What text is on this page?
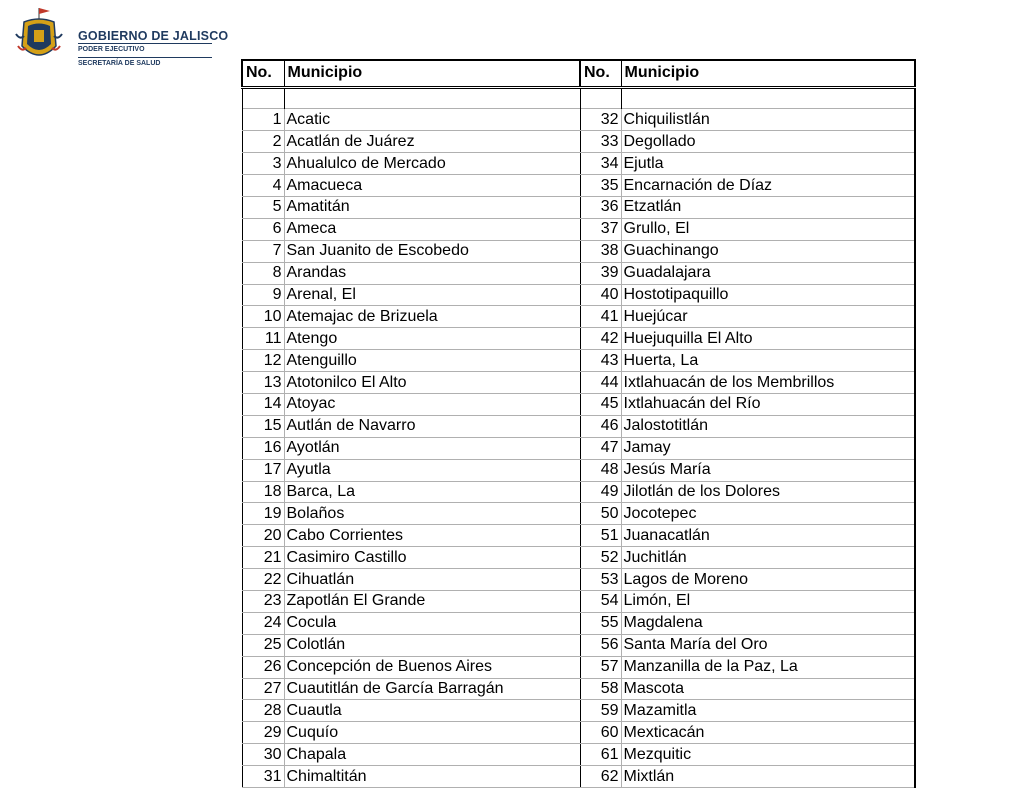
GOBIERNO DE JALISCO
PODER EJECUTIVO
SECRETARÍA DE SALUD
No.	Municipio	No.	Municipio

1	Acatic	32	Chiquilistlán
2	Acatlán de Juárez	33	Degollado
3	Ahualulco de Mercado	34	Ejutla
4	Amacueca	35	Encarnación de Díaz
5	Amatitán	36	Etzatlán
6	Ameca	37	Grullo, El
7	San Juanito de Escobedo	38	Guachinango
8	Arandas	39	Guadalajara
9	Arenal, El	40	Hostotipaquillo
10	Atemajac de Brizuela	41	Huejúcar
11	Atengo	42	Huejuquilla El Alto
12	Atenguillo	43	Huerta, La
13	Atotonilco El Alto	44	Ixtlahuacán de los Membrillos
14	Atoyac	45	Ixtlahuacán del Río
15	Autlán de Navarro	46	Jalostotitlán
16	Ayotlán	47	Jamay
17	Ayutla	48	Jesús María
18	Barca, La	49	Jilotlán de los Dolores
19	Bolaños	50	Jocotepec
20	Cabo Corrientes	51	Juanacatlán
21	Casimiro Castillo	52	Juchitlán
22	Cihuatlán	53	Lagos de Moreno
23	Zapotlán El Grande	54	Limón, El
24	Cocula	55	Magdalena
25	Colotlán	56	Santa María del Oro
26	Concepción de Buenos Aires	57	Manzanilla de la Paz, La
27	Cuautitlán de García Barragán	58	Mascota
28	Cuautla	59	Mazamitla
29	Cuquío	60	Mexticacán
30	Chapala	61	Mezquitic
31	Chimaltitán	62	Mixtlán
